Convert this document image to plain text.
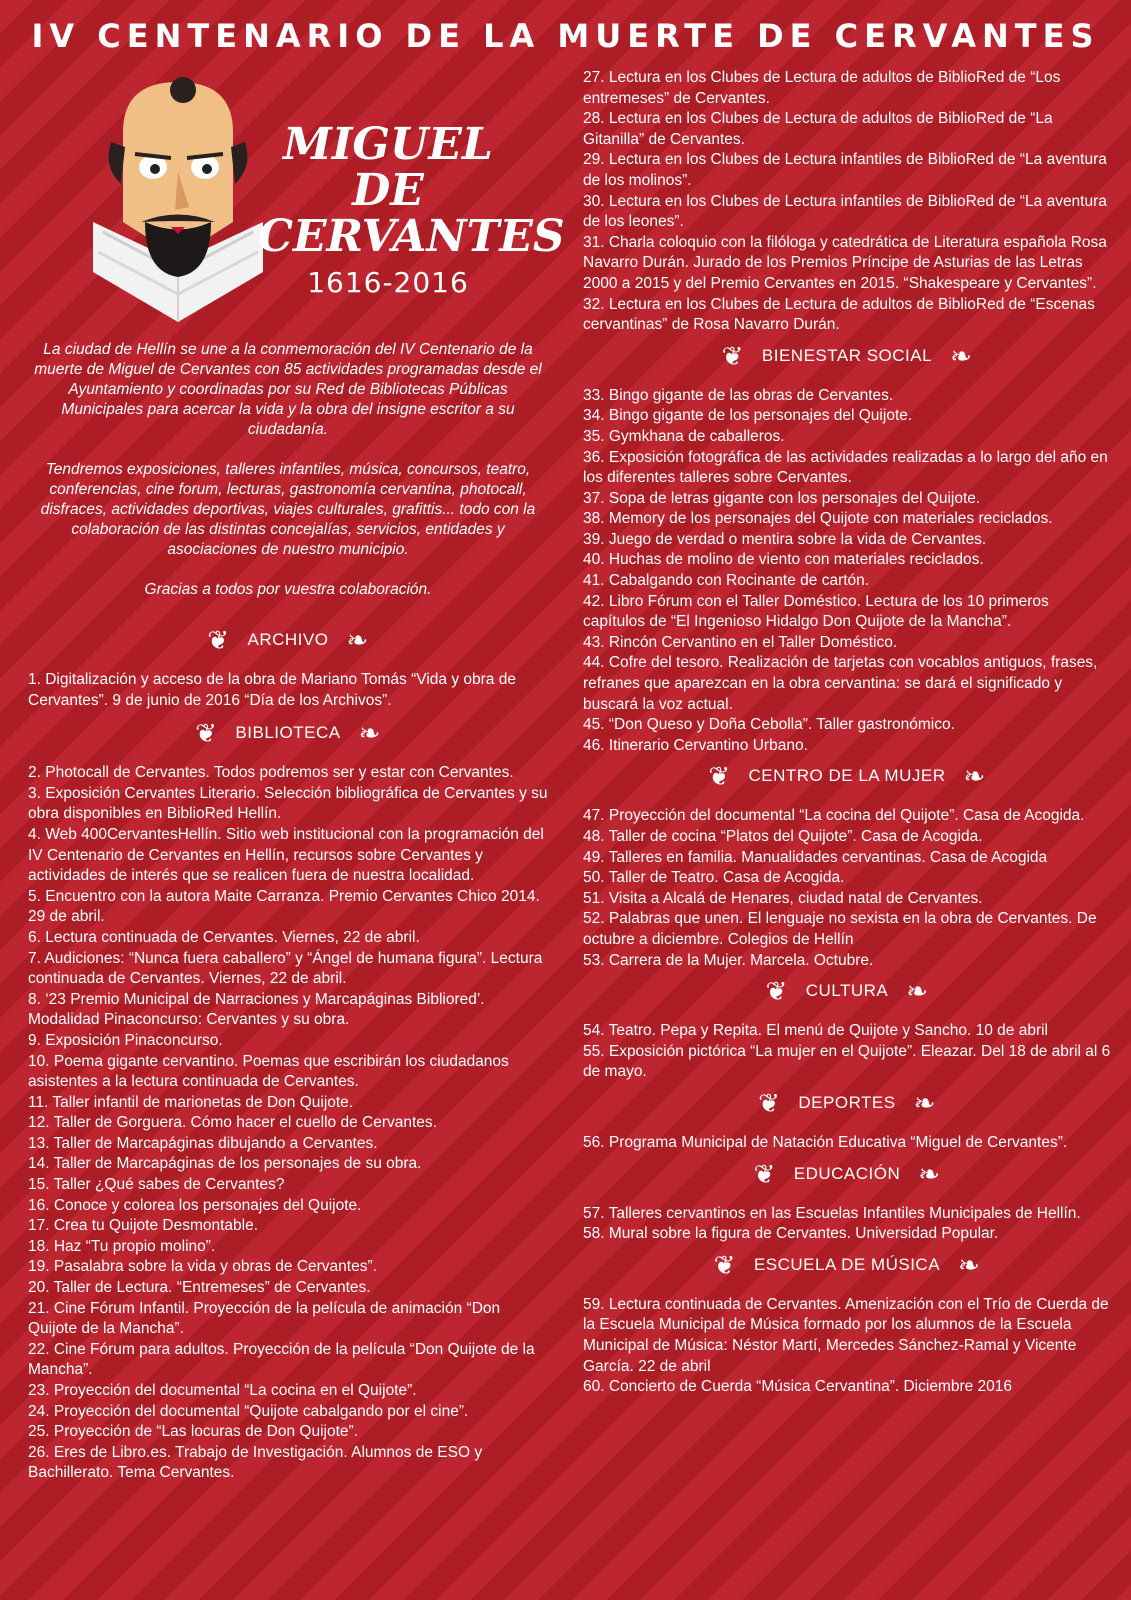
IV CENTENARIO DE LA MUERTE DE CERVANTES
MIGUEL
DE
CERVANTES
1616-2016

La ciudad de Hellín se une a la conmemoración del IV Centenario de la muerte de Miguel de Cervantes con 85 actividades programadas desde el Ayuntamiento y coordinadas por su Red de Bibliotecas Públicas Municipales para acercar la vida y la obra del insigne escritor a su ciudadanía.

Tendremos exposiciones, talleres infantiles, música, concursos, teatro, conferencias, cine forum, lecturas, gastronomía cervantina, photocall, disfraces, actividades deportivas, viajes culturales, grafittis... todo con la colaboración de las distintas concejalías, servicios, entidades y asociaciones de nuestro municipio.

Gracias a todos por vuestra colaboración.

❦ ARCHIVO ❧
1. Digitalización y acceso de la obra de Mariano Tomás “Vida y obra de Cervantes”. 9 de junio de 2016 “Día de los Archivos”.
❦ BIBLIOTECA ❧
2. Photocall de Cervantes. Todos podremos ser y estar con Cervantes.
3. Exposición Cervantes Literario. Selección bibliográfica de Cervantes y su obra disponibles en BiblioRed Hellín.
4. Web 400CervantesHellín. Sitio web institucional con la programación del IV Centenario de Cervantes en Hellín, recursos sobre Cervantes y actividades de interés que se realicen fuera de nuestra localidad.
5. Encuentro con la autora Maite Carranza. Premio Cervantes Chico 2014. 29 de abril.
6. Lectura continuada de Cervantes. Viernes, 22 de abril.
7. Audiciones: “Nunca fuera caballero” y “Ángel de humana figura”. Lectura continuada de Cervantes. Viernes, 22 de abril.
8. ‘23 Premio Municipal de Narraciones y Marcapáginas Bibliored’. Modalidad Pinaconcurso: Cervantes y su obra.
9. Exposición Pinaconcurso.
10. Poema gigante cervantino. Poemas que escribirán los ciudadanos asistentes a la lectura continuada de Cervantes.
11. Taller infantil de marionetas de Don Quijote.
12. Taller de Gorguera. Cómo hacer el cuello de Cervantes.
13. Taller de Marcapáginas dibujando a Cervantes.
14. Taller de Marcapáginas de los personajes de su obra.
15. Taller ¿Qué sabes de Cervantes?
16. Conoce y colorea los personajes del Quijote.
17. Crea tu Quijote Desmontable.
18. Haz “Tu propio molino”.
19. Pasalabra sobre la vida y obras de Cervantes”.
20. Taller de Lectura. “Entremeses” de Cervantes.
21. Cine Fórum Infantil. Proyección de la película de animación “Don Quijote de la Mancha”.
22. Cine Fórum para adultos. Proyección de la película “Don Quijote de la Mancha”.
23. Proyección del documental “La cocina en el Quijote”.
24. Proyección del documental “Quijote cabalgando por el cine”.
25. Proyección de “Las locuras de Don Quijote”.
26. Eres de Libro.es. Trabajo de Investigación. Alumnos de ESO y Bachillerato. Tema Cervantes.
27. Lectura en los Clubes de Lectura de adultos de BiblioRed de “Los entremeses” de Cervantes.
28. Lectura en los Clubes de Lectura de adultos de BiblioRed de “La Gitanilla” de Cervantes.
29. Lectura en los Clubes de Lectura infantiles de BiblioRed de “La aventura de los molinos”.
30. Lectura en los Clubes de Lectura infantiles de BiblioRed de “La aventura de los leones”.
31. Charla coloquio con la filóloga y catedrática de Literatura española Rosa Navarro Durán. Jurado de los Premios Príncipe de Asturias de las Letras 2000 a 2015 y del Premio Cervantes en 2015. “Shakespeare y Cervantes”.
32. Lectura en los Clubes de Lectura de adultos de BiblioRed de “Escenas cervantinas” de Rosa Navarro Durán.
❦ BIENESTAR SOCIAL ❧
33. Bingo gigante de las obras de Cervantes.
34. Bingo gigante de los personajes del Quijote.
35. Gymkhana de caballeros.
36. Exposición fotográfica de las actividades realizadas a lo largo del año en los diferentes talleres sobre Cervantes.
37. Sopa de letras gigante con los personajes del Quijote.
38. Memory de los personajes del Quijote con materiales reciclados.
39. Juego de verdad o mentira sobre la vida de Cervantes.
40. Huchas de molino de viento con materiales reciclados.
41. Cabalgando con Rocinante de cartón.
42. Libro Fórum con el Taller Doméstico. Lectura de los 10 primeros capítulos de “El Ingenioso Hidalgo Don Quijote de la Mancha”.
43. Rincón Cervantino en el Taller Doméstico.
44. Cofre del tesoro. Realización de tarjetas con vocablos antiguos, frases, refranes que aparezcan en la obra cervantina: se dará el significado y buscará la voz actual.
45. “Don Queso y Doña Cebolla”. Taller gastronómico.
46. Itinerario Cervantino Urbano.
❦ CENTRO DE LA MUJER ❧
47. Proyección del documental “La cocina del Quijote”. Casa de Acogida.
48. Taller de cocina “Platos del Quijote”. Casa de Acogida.
49. Talleres en familia. Manualidades cervantinas. Casa de Acogida
50. Taller de Teatro. Casa de Acogida.
51. Visita a Alcalá de Henares, ciudad natal de Cervantes.
52. Palabras que unen. El lenguaje no sexista en la obra de Cervantes. De octubre a diciembre. Colegios de Hellín
53. Carrera de la Mujer. Marcela. Octubre.
❦ CULTURA ❧
54. Teatro. Pepa y Repita. El menú de Quijote y Sancho. 10 de abril
55. Exposición pictórica “La mujer en el Quijote”. Eleazar. Del 18 de abril al 6 de mayo.
❦ DEPORTES ❧
56. Programa Municipal de Natación Educativa “Miguel de Cervantes”.
❦ EDUCACIÓN ❧
57. Talleres cervantinos en las Escuelas Infantiles Municipales de Hellín.
58. Mural sobre la figura de Cervantes. Universidad Popular.
❦ ESCUELA DE MÚSICA ❧
59. Lectura continuada de Cervantes. Amenización con el Trío de Cuerda de la Escuela Municipal de Música formado por los alumnos de la Escuela Municipal de Música: Néstor Martí, Mercedes Sánchez-Ramal y Vicente García. 22 de abril
60. Concierto de Cuerda “Música Cervantina”. Diciembre 2016
